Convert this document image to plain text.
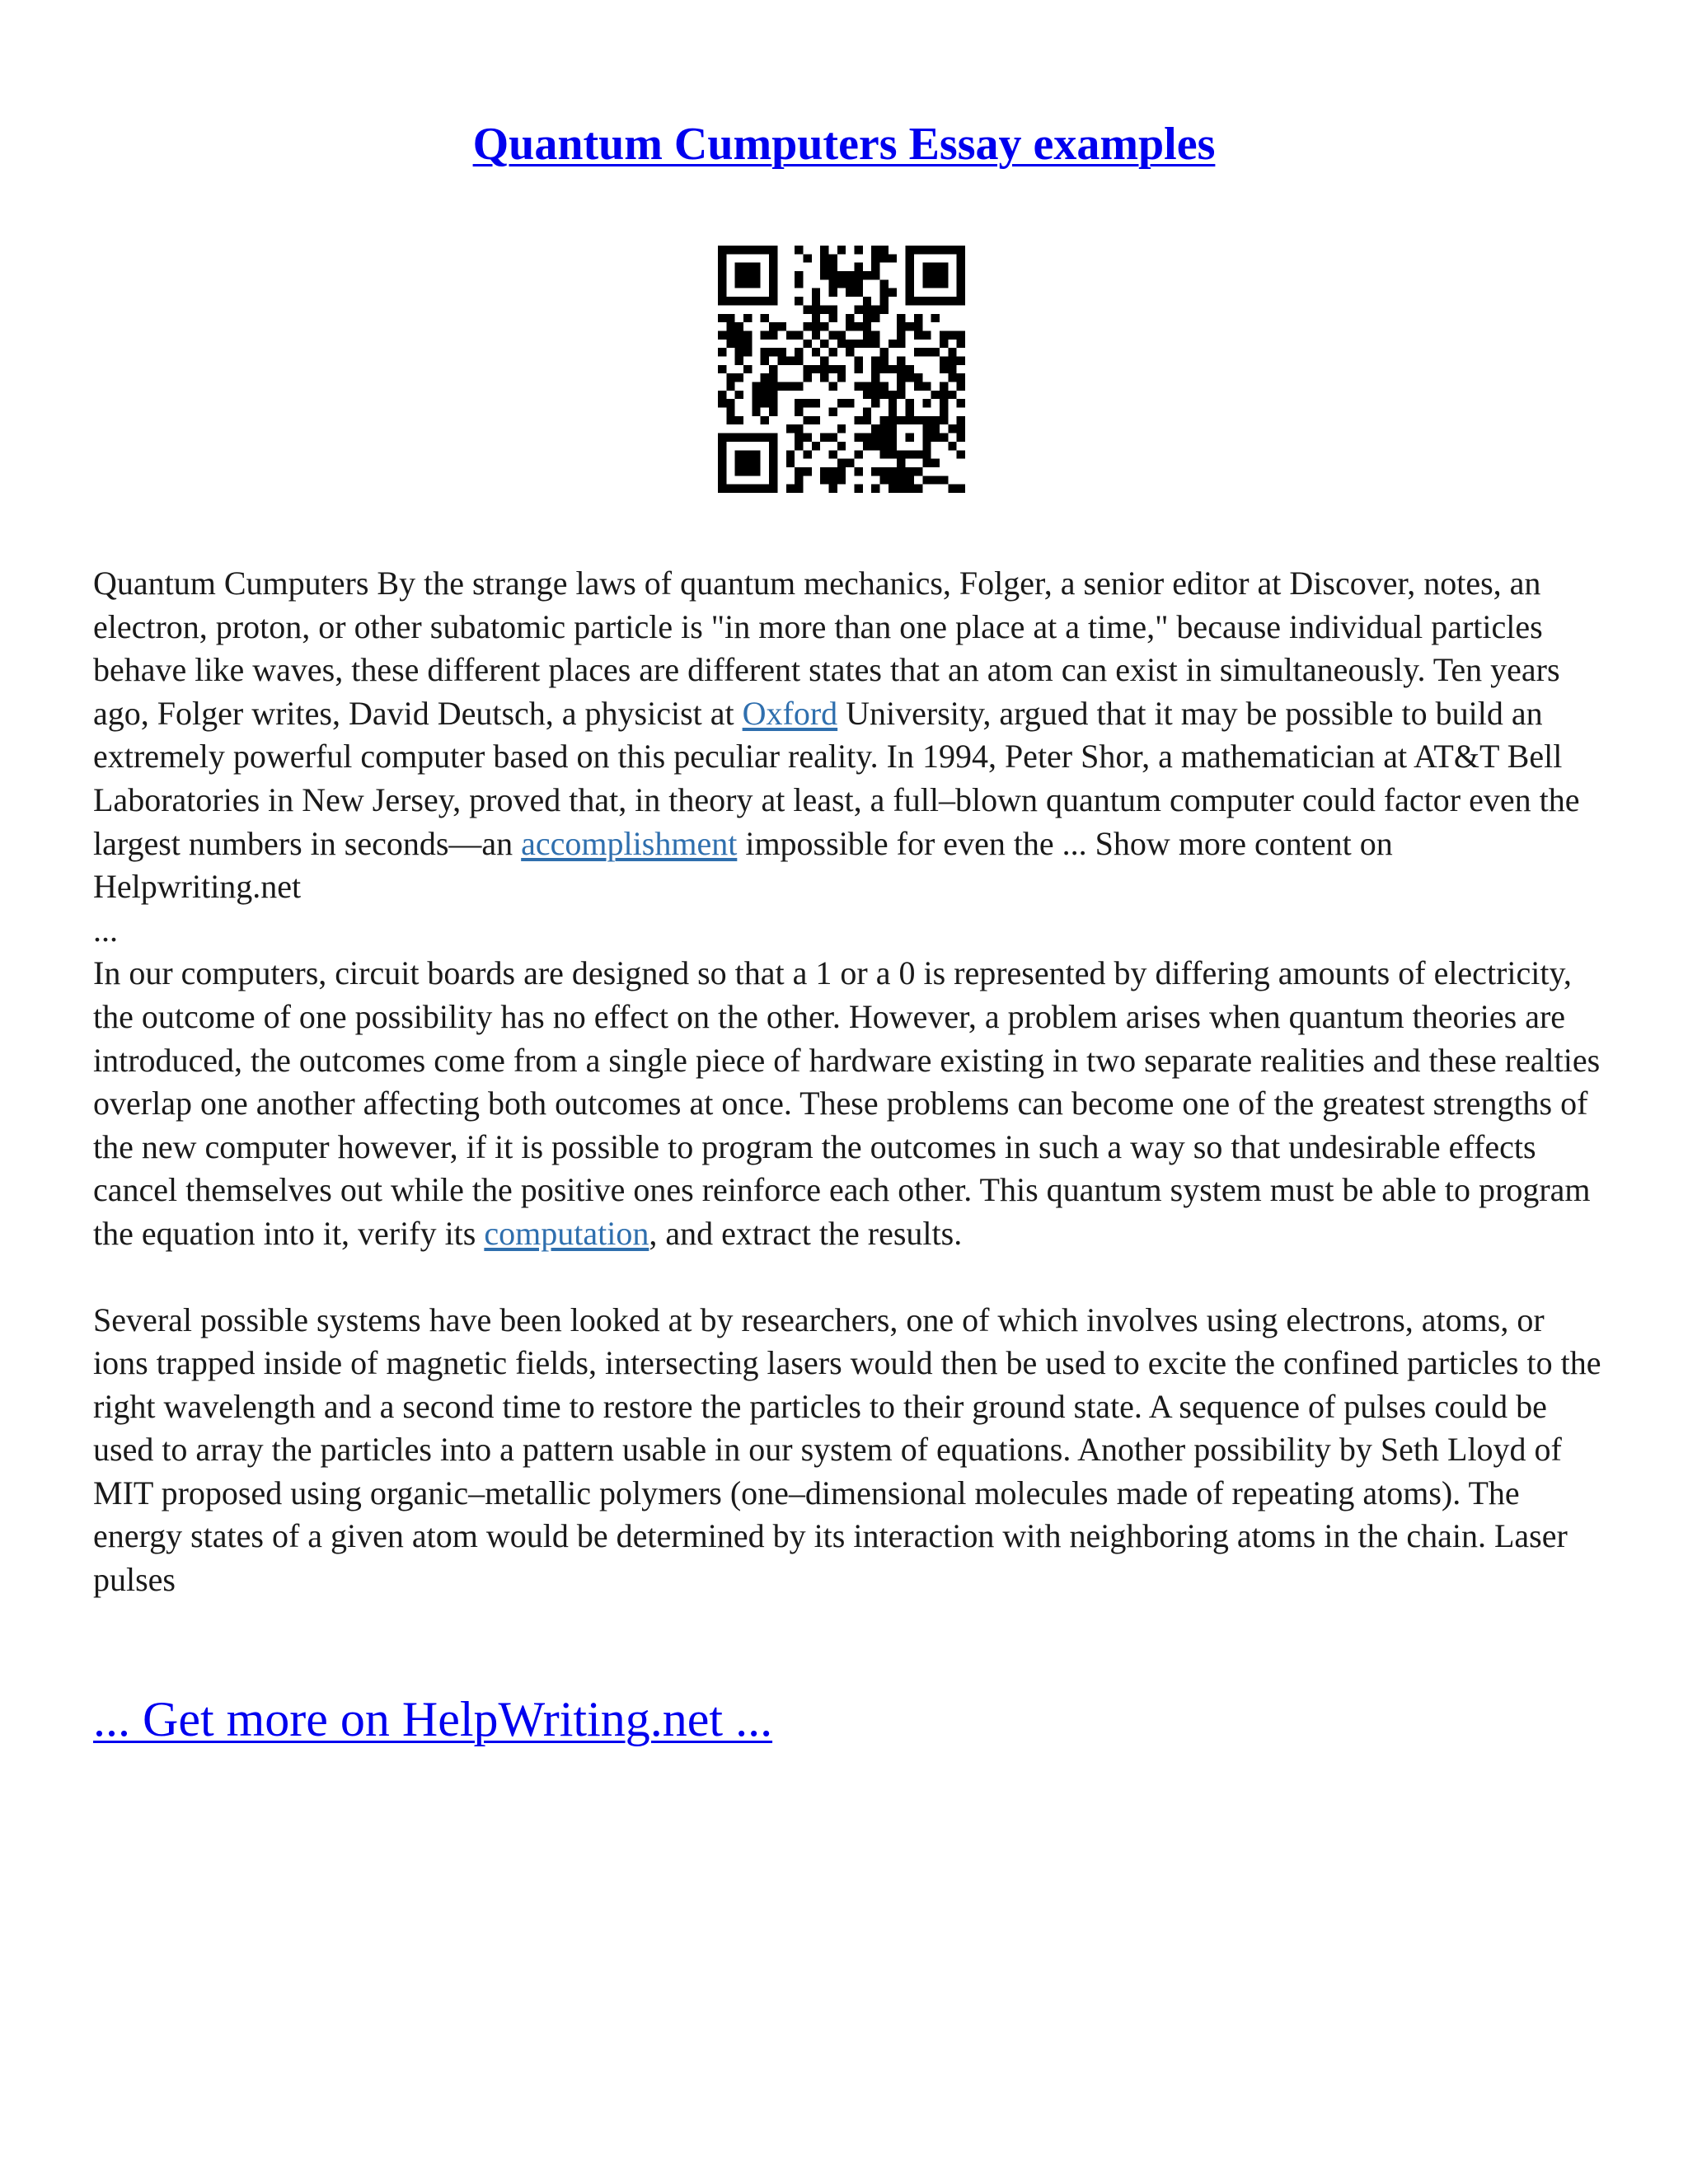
Quantum Cumputers Essay examples

Quantum Cumputers By the strange laws of quantum mechanics, Folger, a senior editor at Discover, notes, an electron, proton, or other subatomic particle is "in more than one place at a time," because individual particles behave like waves, these different places are different states that an atom can exist in simultaneously. Ten years ago, Folger writes, David Deutsch, a physicist at Oxford University, argued that it may be possible to build an extremely powerful computer based on this peculiar reality. In 1994, Peter Shor, a mathematician at AT&T Bell Laboratories in New Jersey, proved that, in theory at least, a full–blown quantum computer could factor even the largest numbers in seconds—an accomplishment impossible for even the ... Show more content on Helpwriting.net

...

In our computers, circuit boards are designed so that a 1 or a 0 is represented by differing amounts of electricity, the outcome of one possibility has no effect on the other. However, a problem arises when quantum theories are introduced, the outcomes come from a single piece of hardware existing in two separate realities and these realties overlap one another affecting both outcomes at once. These problems can become one of the greatest strengths of the new computer however, if it is possible to program the outcomes in such a way so that undesirable effects cancel themselves out while the positive ones reinforce each other. This quantum system must be able to program the equation into it, verify its computation, and extract the results.

Several possible systems have been looked at by researchers, one of which involves using electrons, atoms, or ions trapped inside of magnetic fields, intersecting lasers would then be used to excite the confined particles to the right wavelength and a second time to restore the particles to their ground state. A sequence of pulses could be used to array the particles into a pattern usable in our system of equations. Another possibility by Seth Lloyd of MIT proposed using organic–metallic polymers (one–dimensional molecules made of repeating atoms). The energy states of a given atom would be determined by its interaction with neighboring atoms in the chain. Laser pulses

... Get more on HelpWriting.net ...
